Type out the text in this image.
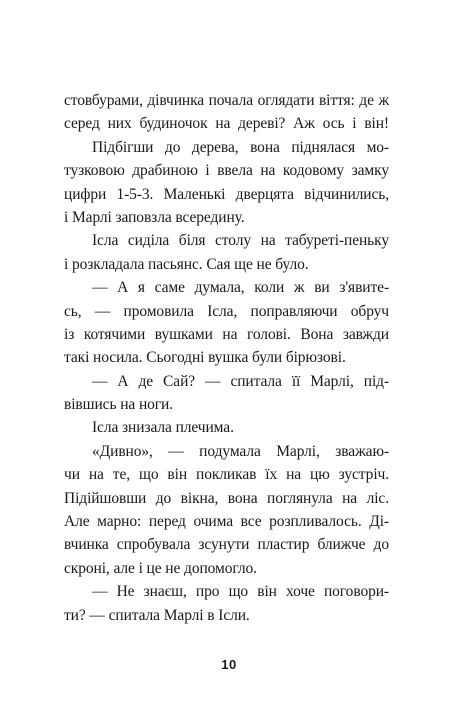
стовбурами, дівчинка почала оглядати віття: де ж
серед них будиночок на дереві? Аж ось і він!
Підбігши до дерева, вона піднялася мо-
тузковою драбиною і ввела на кодовому замку
цифри 1-5-3. Маленькі дверцята відчинились,
і Марлі заповзла всередину.
Ісла сиділа біля столу на табуреті-пеньку
і розкладала пасьянс. Сая ще не було.
— А я саме думала, коли ж ви з'явите-
сь, — промовила Ісла, поправляючи обруч
із котячими вушками на голові. Вона завжди
такі носила. Сьогодні вушка були бірюзові.
— А де Сай? — спитала її Марлі, під-
вівшись на ноги.
Ісла знизала плечима.
«Дивно», — подумала Марлі, зважаю-
чи на те, що він покликав їх на цю зустріч.
Підійшовши до вікна, вона поглянула на ліс.
Але марно: перед очима все розпливалось. Ді-
вчинка спробувала зсунути пластир ближче до
скроні, але і це не допомогло.
— Не знаєш, про що він хоче поговори-
ти? — спитала Марлі в Ісли.
10
